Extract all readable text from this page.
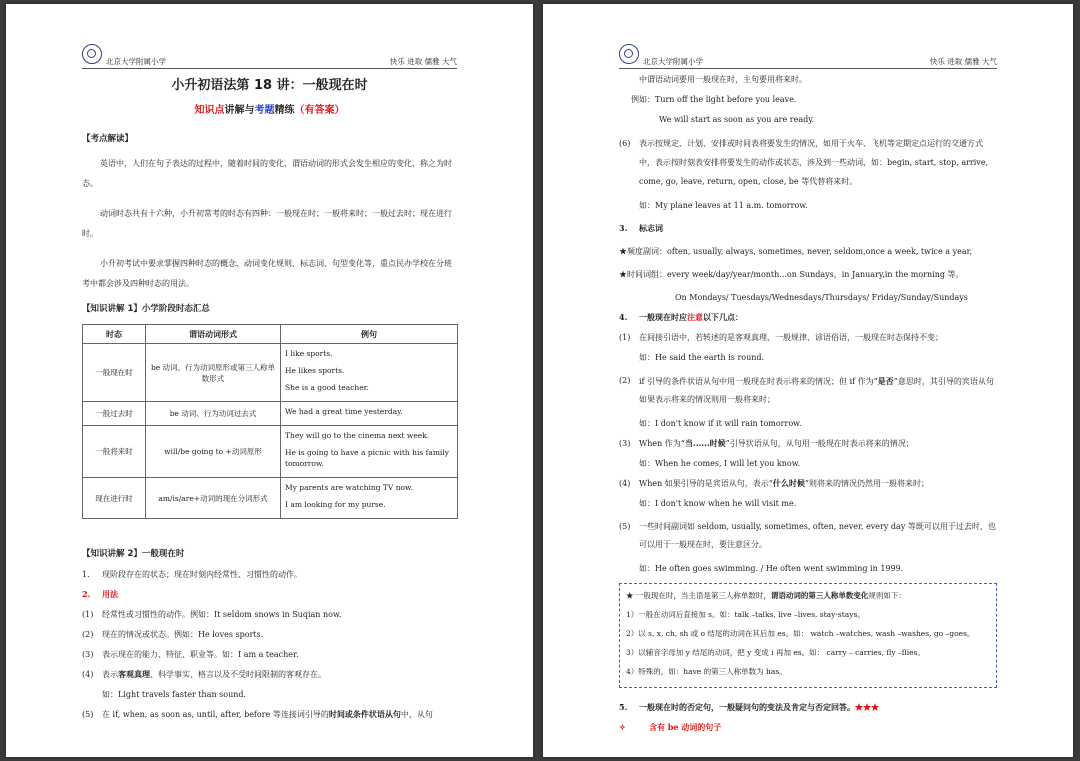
北京大学附属小学	快乐 进取 儒雅 大气
小升初语法第 18 讲：一般现在时
知识点讲解与考题精练（有答案）
【考点解读】

英语中，人们在句子表达的过程中，随着时间的变化，谓语动词的形式会发生相应的变化，称之为时态。

动词时态共有十六种，小升初常考的时态有四种：一般现在时；一般将来时；一般过去时；现在进行时。

小升初考试中要求掌握四种时态的概念、动词变化规则、标志词、句型变化等，重点民办学校在分班考中都会涉及四种时态的用法。

【知识讲解 1】小学阶段时态汇总
时态	谓语动词形式	例句
一般现在时	be 动词、行为动词原形或第三人称单数形式	I like sports.
He likes sports.
She is a good teacher.

一般过去时	be 动词、行为动词过去式	We had a great time yesterday.

一般将来时	will/be going to +动词原形	They will go to the cinema next week.
He is going to have a picnic with his family tomorrow.

现在进行时	am/is/are+动词的现在分词形式	My parents are watching TV now.
I am looking for my purse.
【知识讲解 2】一般现在时
1. 现阶段存在的状态；现在时刻内经常性、习惯性的动作。
2. 用法
(1) 经常性或习惯性的动作。例如：It seldom snows in Suqian now.
(2) 现在的情况或状态。例如：He loves sports.
(3) 表示现在的能力、特征、职业等。如：I am a teacher.
(4) 表示客观真理、科学事实、格言以及不受时间限制的客观存在。
如：Light travels faster than sound.
(5) 在 if, when, as soon as, until, after, before 等连接词引导的时间或条件状语从句中，从句
北京大学附属小学	快乐 进取 儒雅 大气
中谓语动词要用一般现在时，主句要用将来时。
例如：Turn off the light before you leave.
We will start as soon as you are ready.
(6)	表示按规定、计划、安排或时间表将要发生的情况，如用于火车、飞机等定期定点运行的交通方式中，表示按时刻表安排将要发生的动作或状态，涉及到一些动词，如：begin, start, stop, arrive, come, go, leave, return, open, close, be 等代替将来时。
如：My plane leaves at 11 a.m. tomorrow.
3. 标志词
★频度副词：often, usually, always, sometimes, never, seldom,once a week, twice a year,
★时间词组：every week/day/year/month...on Sundays，in January,in the morning 等。
On Mondays/ Tuesdays/Wednesdays/Thursdays/ Friday/Sunday/Sundays
4. 一般现在时应注意以下几点：
(1) 在间接引语中，若转述的是客观真理、一般规律、谚语俗语，一般现在时态保持不变；
如：He said the earth is round.
(2)	if 引导的条件状语从句中用一般现在时表示将来的情况；但 if 作为“是否”意思时，其引导的宾语从句如果表示将来的情况则用一般将来时；
如：I don't know if it will rain tomorrow.
(3) When 作为“当......时候”引导状语从句，从句用一般现在时表示将来的情况；
如：When he comes, I will let you know.
(4) When 如果引导的是宾语从句，表示“什么时候”则将来的情况仍然用一般将来时；
如：I don't know when he will visit me.
(5)	一些时间副词如 seldom, usually, sometimes, often, never, every day 等既可以用于过去时，也可以用于一般现在时，要注意区分。
如：He often goes swimming. / He often went swimming in 1999.
★ 一般现在时，当主语是第三人称单数时，谓语动词的第三人称单数变化规则如下：
1）一般在动词后直接加 s。如：talk –talks, live –lives, stay-stays。
2）以 s, x, ch, sh 或 o 结尾的动词在其后加 es。如： watch –watches, wash –washes, go –goes。
3）以辅音字母加 y 结尾的动词，把 y 变成 i 再加 es。如： carry – carries, fly –flies。
4）特殊的，如：have 的第三人称单数为 has。
5. 一般现在时的否定句，一般疑问句的变法及肯定与否定回答。★★★
✧	含有 be 动词的句子
